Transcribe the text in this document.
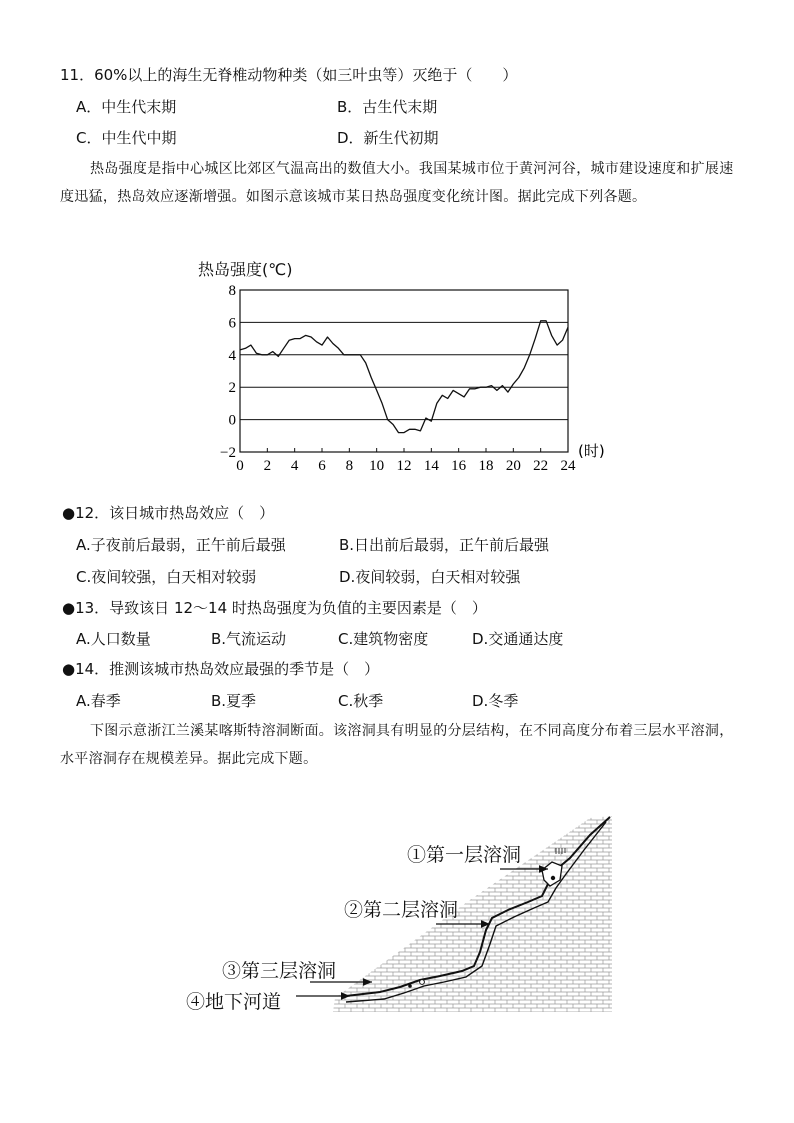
11．60%以上的海生无脊椎动物种类（如三叶虫等）灭绝于（　　）
A．中生代末期	B．古生代末期
C．中生代中期	D．新生代初期
热岛强度是指中心城区比郊区气温高出的数值大小。我国某城市位于黄河河谷，城市建设速度和扩展速度迅猛，热岛效应逐渐增强。如图示意该城市某日热岛强度变化统计图。据此完成下列各题。
热岛强度(℃)
8
6
4
2
0
−2
0 2 4 6 8 10 12 14 16 18 20 22 24
(时)
●12．该日城市热岛效应（　）
A.子夜前后最弱，正午前后最强	B.日出前后最弱，正午前后最强
C.夜间较强，白天相对较弱	D.夜间较弱，白天相对较强
●13．导致该日 12～14 时热岛强度为负值的主要因素是（　）
A.人口数量	B.气流运动	C.建筑物密度	D.交通通达度
●14．推测该城市热岛效应最强的季节是（　）
A.春季	B.夏季	C.秋季	D.冬季
下图示意浙江兰溪某喀斯特溶洞断面。该溶洞具有明显的分层结构，在不同高度分布着三层水平溶洞，水平溶洞存在规模差异。据此完成下题。
①第一层溶洞
②第二层溶洞
③第三层溶洞
④地下河道
